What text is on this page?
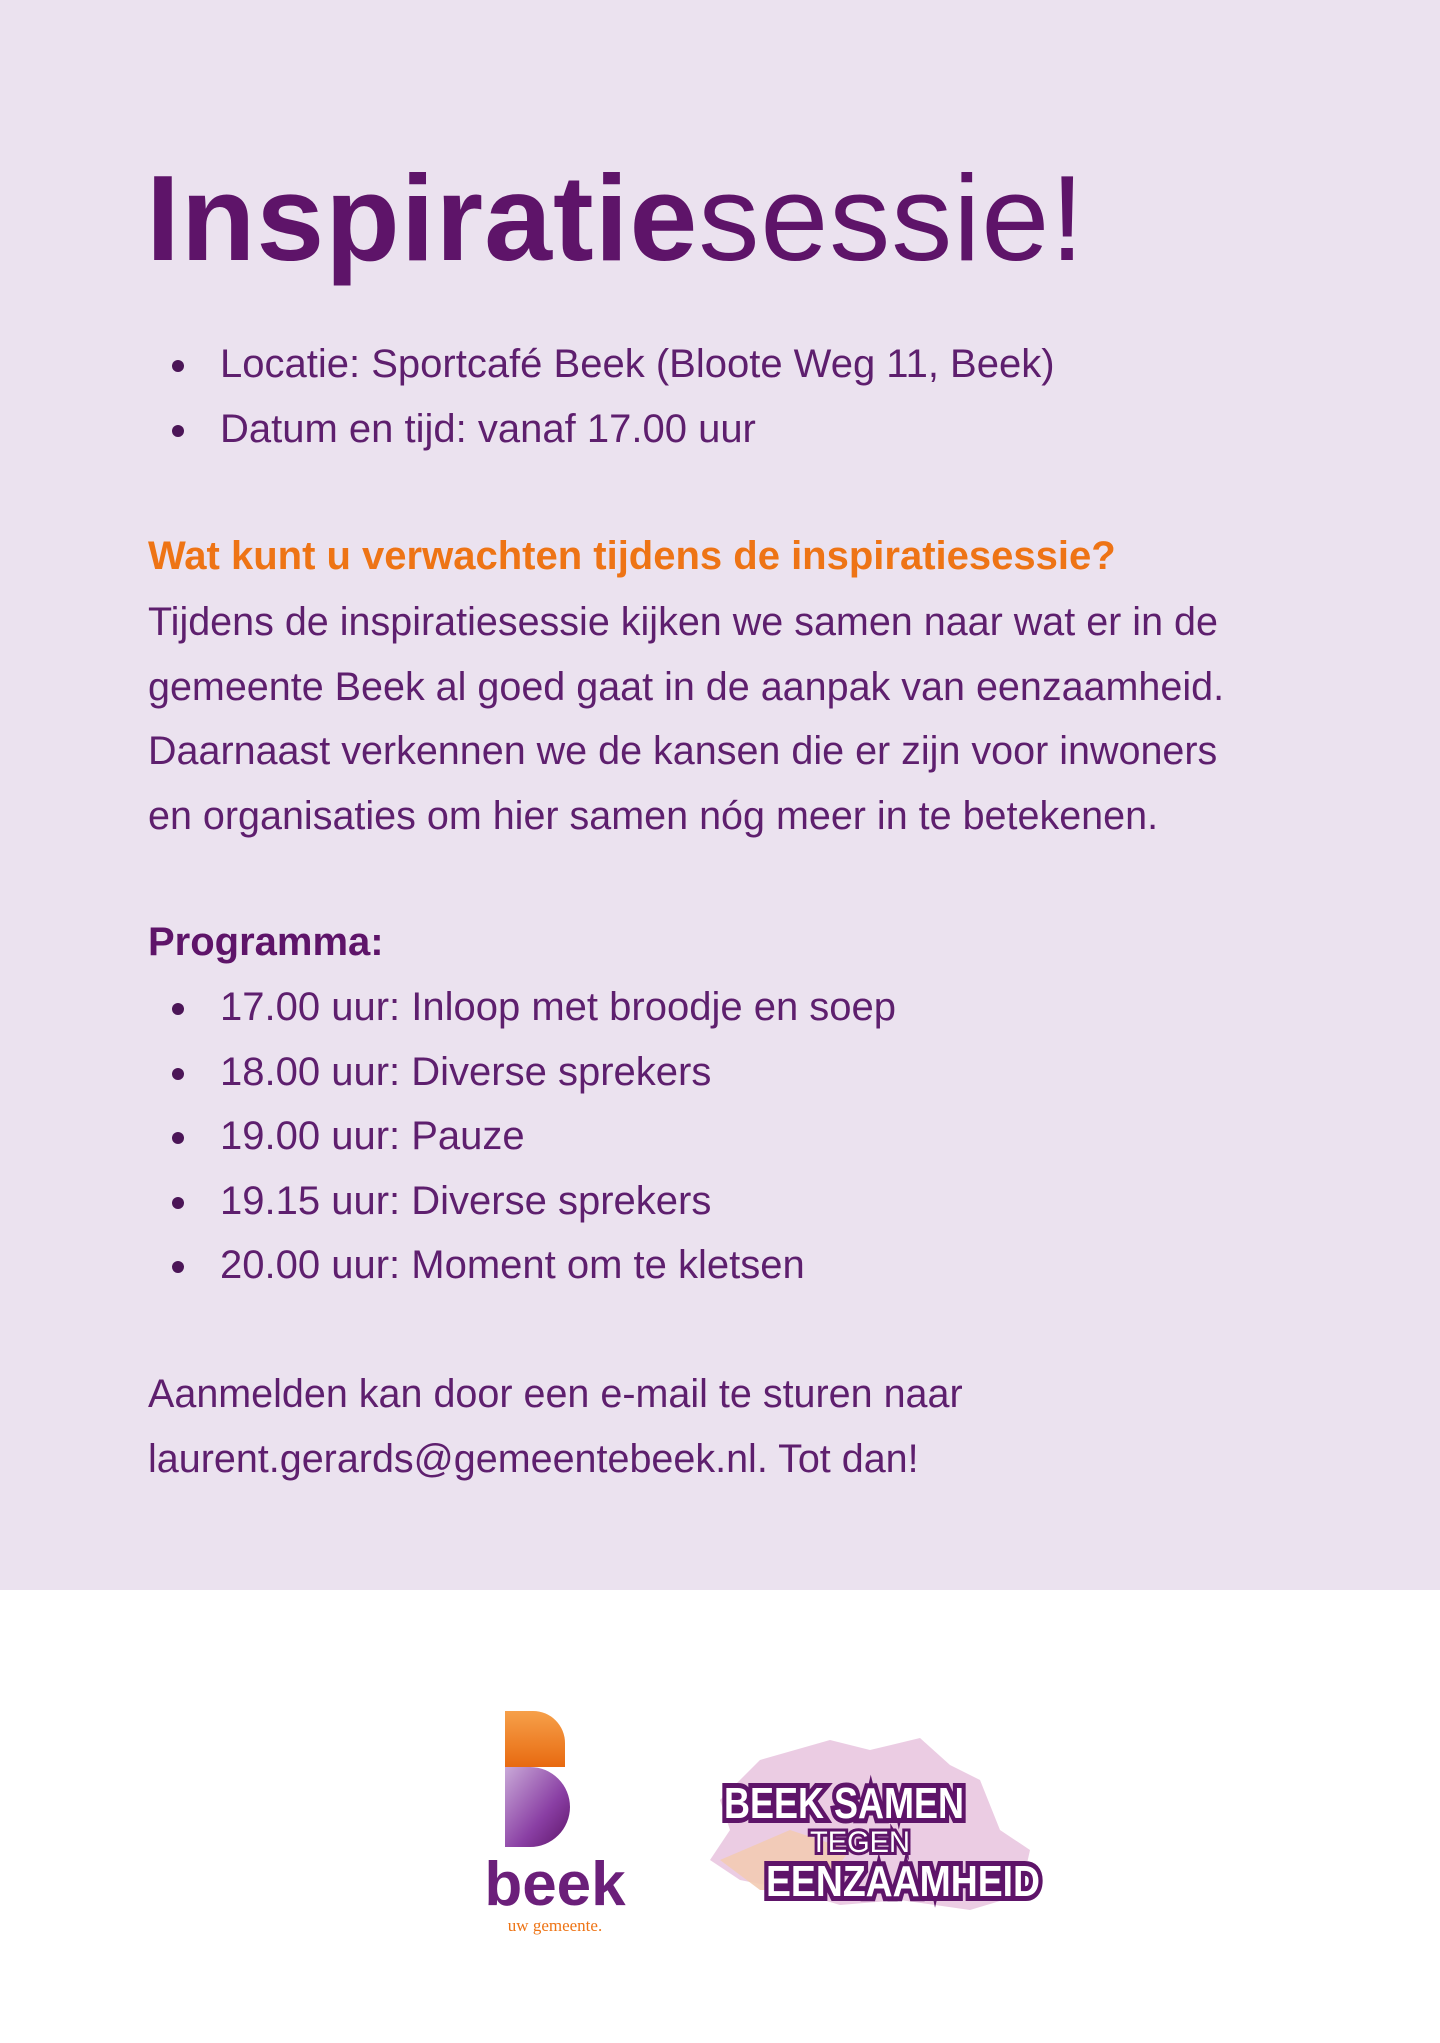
Inspiratiesessie!
Locatie: Sportcafé Beek (Bloote Weg 11, Beek)
Datum en tijd: vanaf 17.00 uur
Wat kunt u verwachten tijdens de inspiratiesessie?

Tijdens de inspiratiesessie kijken we samen naar wat er in de
gemeente Beek al goed gaat in de aanpak van eenzaamheid.
Daarnaast verkennen we de kansen die er zijn voor inwoners
en organisaties om hier samen nóg meer in te betekenen.

Programma:
17.00 uur: Inloop met broodje en soep
18.00 uur: Diverse sprekers
19.00 uur: Pauze
19.15 uur: Diverse sprekers
20.00 uur: Moment om te kletsen

Aanmelden kan door een e-mail te sturen naar
laurent.gerards@gemeentebeek.nl. Tot dan!

beek
uw gemeente.
BEEK SAMEN
TEGEN
EENZAAMHEID
